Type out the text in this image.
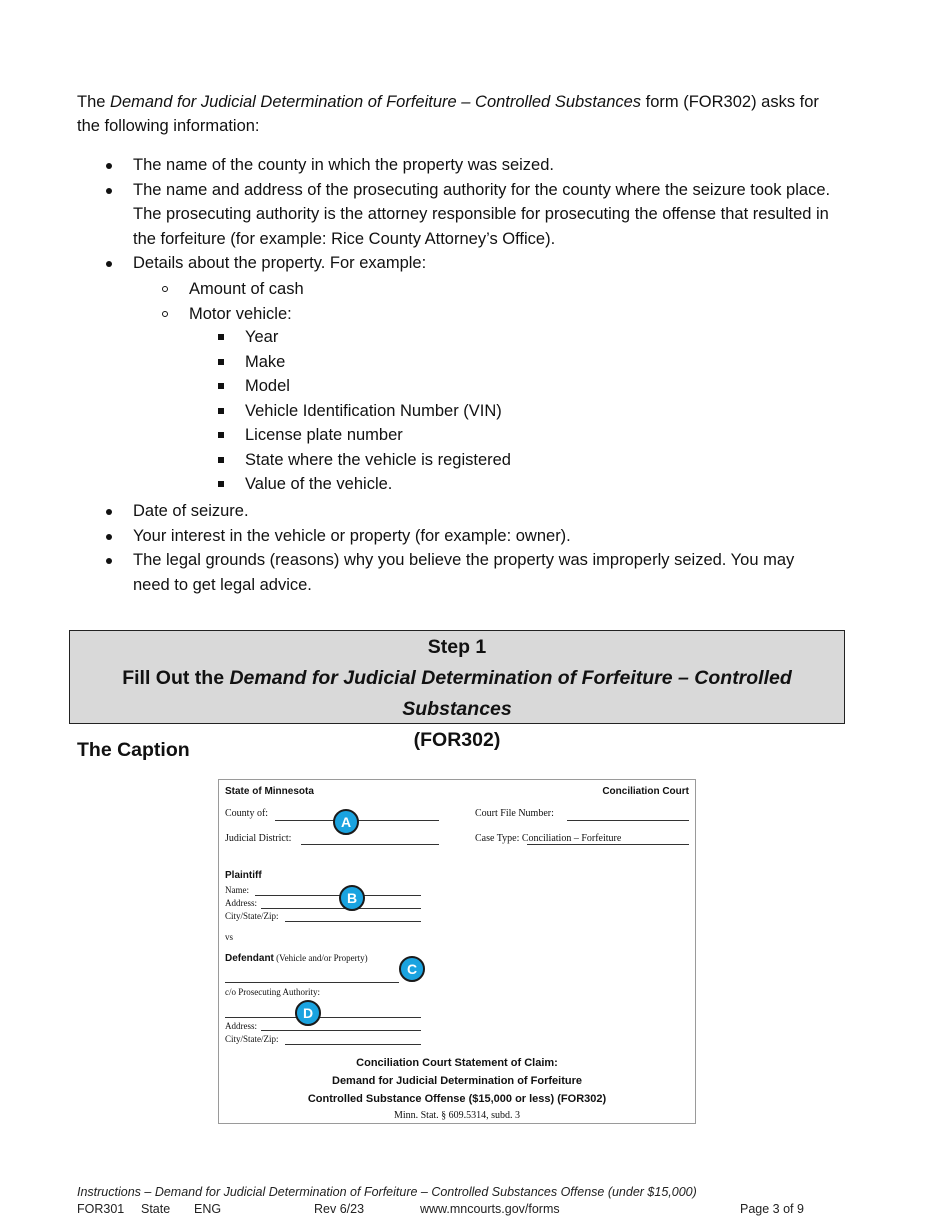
The Demand for Judicial Determination of Forfeiture – Controlled Substances form (FOR302) asks for the following information:
The name of the county in which the property was seized.
The name and address of the prosecuting authority for the county where the seizure took place. The prosecuting authority is the attorney responsible for prosecuting the offense that resulted in the forfeiture (for example: Rice County Attorney’s Office).
Details about the property. For example:
Amount of cash
Motor vehicle:
Year
Make
Model
Vehicle Identification Number (VIN)
License plate number
State where the vehicle is registered
Value of the vehicle.
Date of seizure.
Your interest in the vehicle or property (for example: owner).
The legal grounds (reasons) why you believe the property was improperly seized. You may need to get legal advice.
Step 1
Fill Out the Demand for Judicial Determination of Forfeiture – Controlled Substances
(FOR302)
The Caption
State of Minnesota	Conciliation Court
County of:
Judicial District:
Court File Number:
Case Type: Conciliation – Forfeiture
Plaintiff
Name:
Address:
City/State/Zip:
vs
Defendant (Vehicle and/or Property)
c/o Prosecuting Authority:
Address:
City/State/Zip:
Conciliation Court Statement of Claim:
Demand for Judicial Determination of Forfeiture
Controlled Substance Offense ($15,000 or less) (FOR302)
Minn. Stat. § 609.5314, subd. 3
A
B
C
D
Instructions – Demand for Judicial Determination of Forfeiture – Controlled Substances Offense (under $15,000)
FOR301 State ENG	Rev 6/23	www.mncourts.gov/forms	Page 3 of 9
